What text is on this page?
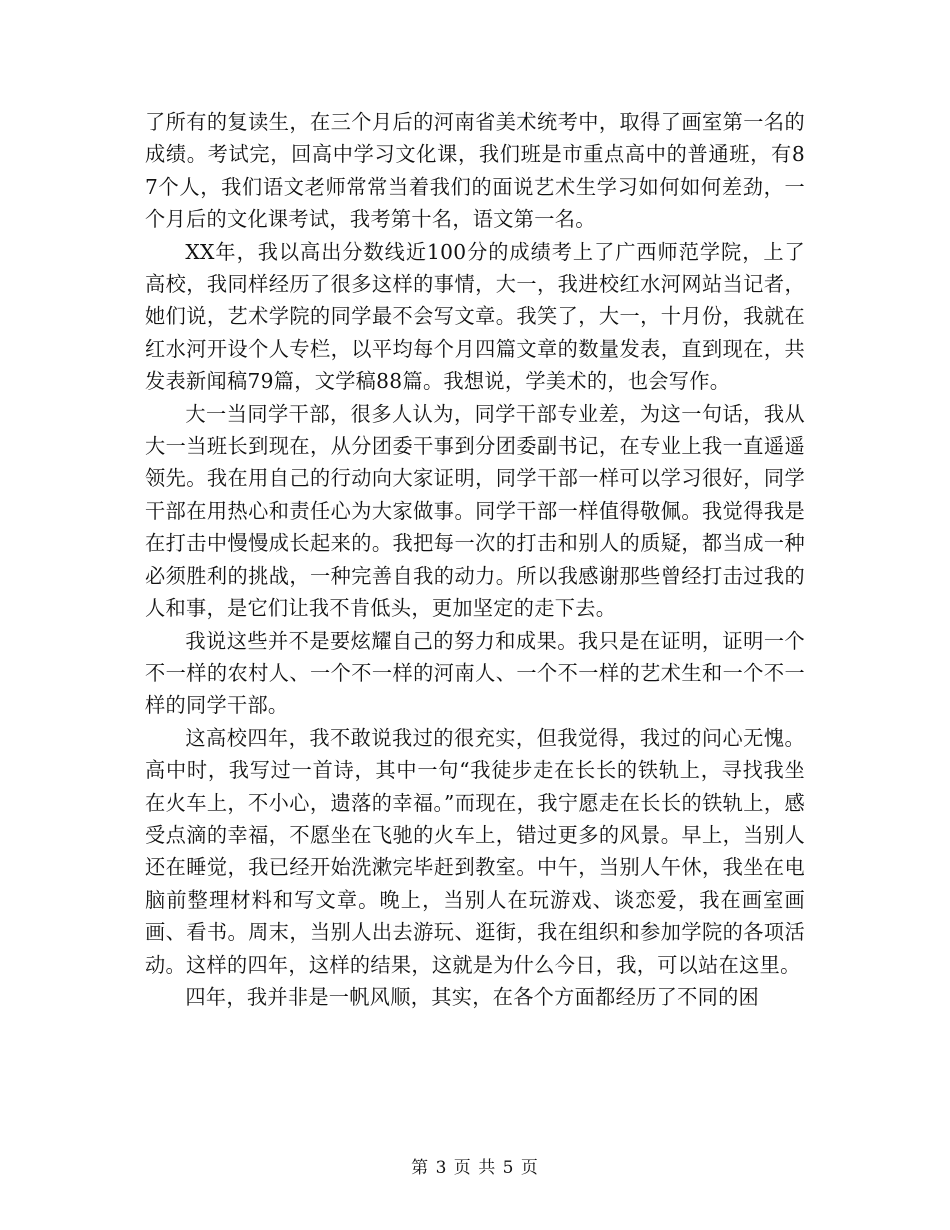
了所有的复读生，在三个月后的河南省美术统考中，取得了画室第一名的成绩。考试完，回高中学习文化课，我们班是市重点高中的普通班，有87个人，我们语文老师常常当着我们的面说艺术生学习如何如何差劲，一个月后的文化课考试，我考第十名，语文第一名。

XX年，我以高出分数线近100分的成绩考上了广西师范学院，上了高校，我同样经历了很多这样的事情，大一，我进校红水河网站当记者，她们说，艺术学院的同学最不会写文章。我笑了，大一，十月份，我就在红水河开设个人专栏，以平均每个月四篇文章的数量发表，直到现在，共发表新闻稿79篇，文学稿88篇。我想说，学美术的，也会写作。

大一当同学干部，很多人认为，同学干部专业差，为这一句话，我从大一当班长到现在，从分团委干事到分团委副书记，在专业上我一直遥遥领先。我在用自己的行动向大家证明，同学干部一样可以学习很好，同学干部在用热心和责任心为大家做事。同学干部一样值得敬佩。我觉得我是在打击中慢慢成长起来的。我把每一次的打击和别人的质疑，都当成一种必须胜利的挑战，一种完善自我的动力。所以我感谢那些曾经打击过我的人和事，是它们让我不肯低头，更加坚定的走下去。

我说这些并不是要炫耀自己的努力和成果。我只是在证明，证明一个不一样的农村人、一个不一样的河南人、一个不一样的艺术生和一个不一样的同学干部。

这高校四年，我不敢说我过的很充实，但我觉得，我过的问心无愧。高中时，我写过一首诗，其中一句“我徒步走在长长的铁轨上，寻找我坐在火车上，不小心，遗落的幸福。”而现在，我宁愿走在长长的铁轨上，感受点滴的幸福，不愿坐在飞驰的火车上，错过更多的风景。早上，当别人还在睡觉，我已经开始洗漱完毕赶到教室。中午，当别人午休，我坐在电脑前整理材料和写文章。晚上，当别人在玩游戏、谈恋爱，我在画室画画、看书。周末，当别人出去游玩、逛街，我在组织和参加学院的各项活动。这样的四年，这样的结果，这就是为什么今日，我，可以站在这里。

四年，我并非是一帆风顺，其实，在各个方面都经历了不同的困

第 3 页 共 5 页
